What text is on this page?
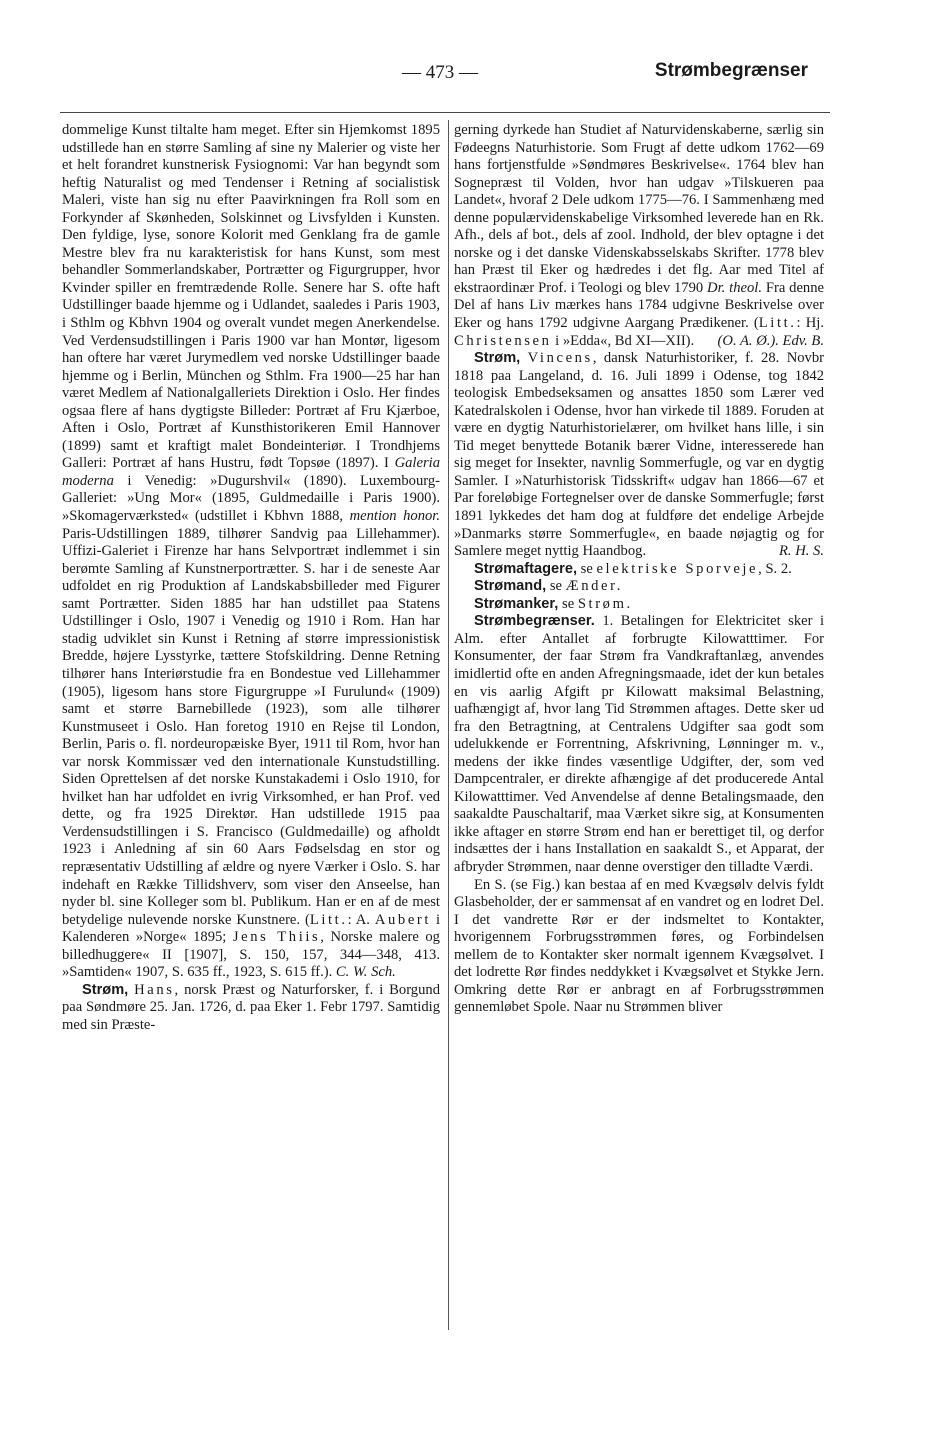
— 473 —	Strømbegrænser

dommelige Kunst tiltalte ham meget. Efter sin Hjemkomst 1895 udstillede han en større Samling af sine ny Malerier og viste her et helt forandret kunstnerisk Fysiognomi: Var han begyndt som heftig Naturalist og med Tendenser i Retning af socialistisk Maleri, viste han sig nu efter Paavirkningen fra Roll som en Forkynder af Skønheden, Solskinnet og Livsfylden i Kunsten. Den fyldige, lyse, sonore Kolorit med Genklang fra de gamle Mestre blev fra nu karakteristisk for hans Kunst, som mest behandler Sommerlandskaber, Portrætter og Figurgrupper, hvor Kvinder spiller en fremtrædende Rolle. Senere har S. ofte haft Udstillinger baade hjemme og i Udlandet, saaledes i Paris 1903, i Sthlm og Kbhvn 1904 og overalt vundet megen Anerkendelse. Ved Verdensudstillingen i Paris 1900 var han Montør, ligesom han oftere har været Jurymedlem ved norske Udstillinger baade hjemme og i Berlin, München og Sthlm. Fra 1900—25 har han været Medlem af Nationalgalleriets Direktion i Oslo. Her findes ogsaa flere af hans dygtigste Billeder: Portræt af Fru Kjærboe, Aften i Oslo, Portræt af Kunsthistorikeren Emil Hannover (1899) samt et kraftigt malet Bondeinteriør. I Trondhjems Galleri: Portræt af hans Hustru, født Topsøe (1897). I Galeria moderna i Venedig: »Dugurshvil« (1890). Luxembourg-Galleriet: »Ung Mor« (1895, Guldmedaille i Paris 1900). »Skomagerværksted« (udstillet i Kbhvn 1888, mention honor. Paris-Udstillingen 1889, tilhører Sandvig paa Lillehammer). Uffizi-Galeriet i Firenze har hans Selvportræt indlemmet i sin berømte Samling af Kunstnerportrætter. S. har i de seneste Aar udfoldet en rig Produktion af Landskabsbilleder med Figurer samt Portrætter. Siden 1885 har han udstillet paa Statens Udstillinger i Oslo, 1907 i Venedig og 1910 i Rom. Han har stadig udviklet sin Kunst i Retning af større impressionistisk Bredde, højere Lysstyrke, tættere Stofskildring. Denne Retning tilhører hans Interiørstudie fra en Bondestue ved Lillehammer (1905), ligesom hans store Figurgruppe »I Furulund« (1909) samt et større Barnebillede (1923), som alle tilhører Kunstmuseet i Oslo. Han foretog 1910 en Rejse til London, Berlin, Paris o. fl. nordeuropæiske Byer, 1911 til Rom, hvor han var norsk Kommissær ved den internationale Kunstudstilling. Siden Oprettelsen af det norske Kunstakademi i Oslo 1910, for hvilket han har udfoldet en ivrig Virksomhed, er han Prof. ved dette, og fra 1925 Direktør. Han udstillede 1915 paa Verdensudstillingen i S. Francisco (Guldmedaille) og afholdt 1923 i Anledning af sin 60 Aars Fødselsdag en stor og repræsentativ Udstilling af ældre og nyere Værker i Oslo. S. har indehaft en Række Tillidshverv, som viser den Anseelse, han nyder bl. sine Kolleger som bl. Publikum. Han er en af de mest betydelige nulevende norske Kunstnere. (Litt.: A. Aubert i Kalenderen »Norge« 1895; Jens Thiis, Norske malere og billedhuggere« II [1907], S. 150, 157, 344—348, 413. »Samtiden« 1907, S. 635 ff., 1923, S. 615 ff.). C. W. Sch.

Strøm, Hans, norsk Præst og Naturforsker, f. i Borgund paa Søndmøre 25. Jan. 1726, d. paa Eker 1. Febr 1797. Samtidig med sin Præste-

gerning dyrkede han Studiet af Naturvidenskaberne, særlig sin Fødeegns Naturhistorie. Som Frugt af dette udkom 1762—69 hans fortjenstfulde »Søndmøres Beskrivelse«. 1764 blev han Sognepræst til Volden, hvor han udgav »Tilskueren paa Landet«, hvoraf 2 Dele udkom 1775—76. I Sammenhæng med denne populærvidenskabelige Virksomhed leverede han en Rk. Afh., dels af bot., dels af zool. Indhold, der blev optagne i det norske og i det danske Videnskabsselskabs Skrifter. 1778 blev han Præst til Eker og hædredes i det flg. Aar med Titel af ekstraordinær Prof. i Teologi og blev 1790 Dr. theol. Fra denne Del af hans Liv mærkes hans 1784 udgivne Beskrivelse over Eker og hans 1792 udgivne Aargang Prædikener. (Litt.: Hj. Christensen i »Edda«, Bd XI—XII). (O. A. Ø.). Edv. B.

Strøm, Vincens, dansk Naturhistoriker, f. 28. Novbr 1818 paa Langeland, d. 16. Juli 1899 i Odense, tog 1842 teologisk Embedseksamen og ansattes 1850 som Lærer ved Katedralskolen i Odense, hvor han virkede til 1889. Foruden at være en dygtig Naturhistorielærer, om hvilket hans lille, i sin Tid meget benyttede Botanik bærer Vidne, interesserede han sig meget for Insekter, navnlig Sommerfugle, og var en dygtig Samler. I »Naturhistorisk Tidsskrift« udgav han 1866—67 et Par foreløbige Fortegnelser over de danske Sommerfugle; først 1891 lykkedes det ham dog at fuldføre det endelige Arbejde »Danmarks større Sommerfugle«, en baade nøjagtig og for Samlere meget nyttig Haandbog.	R. H. S.

Strømaftagere, se elektriske Sporveje, S. 2.

Strømand, se Ænder.

Strømanker, se Strøm.

Strømbegrænser. 1. Betalingen for Elektricitet sker i Alm. efter Antallet af forbrugte Kilowatttimer. For Konsumenter, der faar Strøm fra Vandkraftanlæg, anvendes imidlertid ofte en anden Afregningsmaade, idet der kun betales en vis aarlig Afgift pr Kilowatt maksimal Belastning, uafhængigt af, hvor lang Tid Strømmen aftages. Dette sker ud fra den Betragtning, at Centralens Udgifter saa godt som udelukkende er Forrentning, Afskrivning, Lønninger m. v., medens der ikke findes væsentlige Udgifter, der, som ved Dampcentraler, er direkte afhængige af det producerede Antal Kilowatttimer. Ved Anvendelse af denne Betalingsmaade, den saakaldte Pauschaltarif, maa Værket sikre sig, at Konsumenten ikke aftager en større Strøm end han er berettiget til, og derfor indsættes der i hans Installation en saakaldt S., et Apparat, der afbryder Strømmen, naar denne overstiger den tilladte Værdi.

En S. (se Fig.) kan bestaa af en med Kvægsølv delvis fyldt Glasbeholder, der er sammensat af en vandret og en lodret Del. I det vandrette Rør er der indsmeltet to Kontakter, hvorigennem Forbrugsstrømmen føres, og Forbindelsen mellem de to Kontakter sker normalt igennem Kvægsølvet. I det lodrette Rør findes neddykket i Kvægsølvet et Stykke Jern. Omkring dette Rør er anbragt en af Forbrugsstrømmen gennemløbet Spole. Naar nu Strømmen bliver
